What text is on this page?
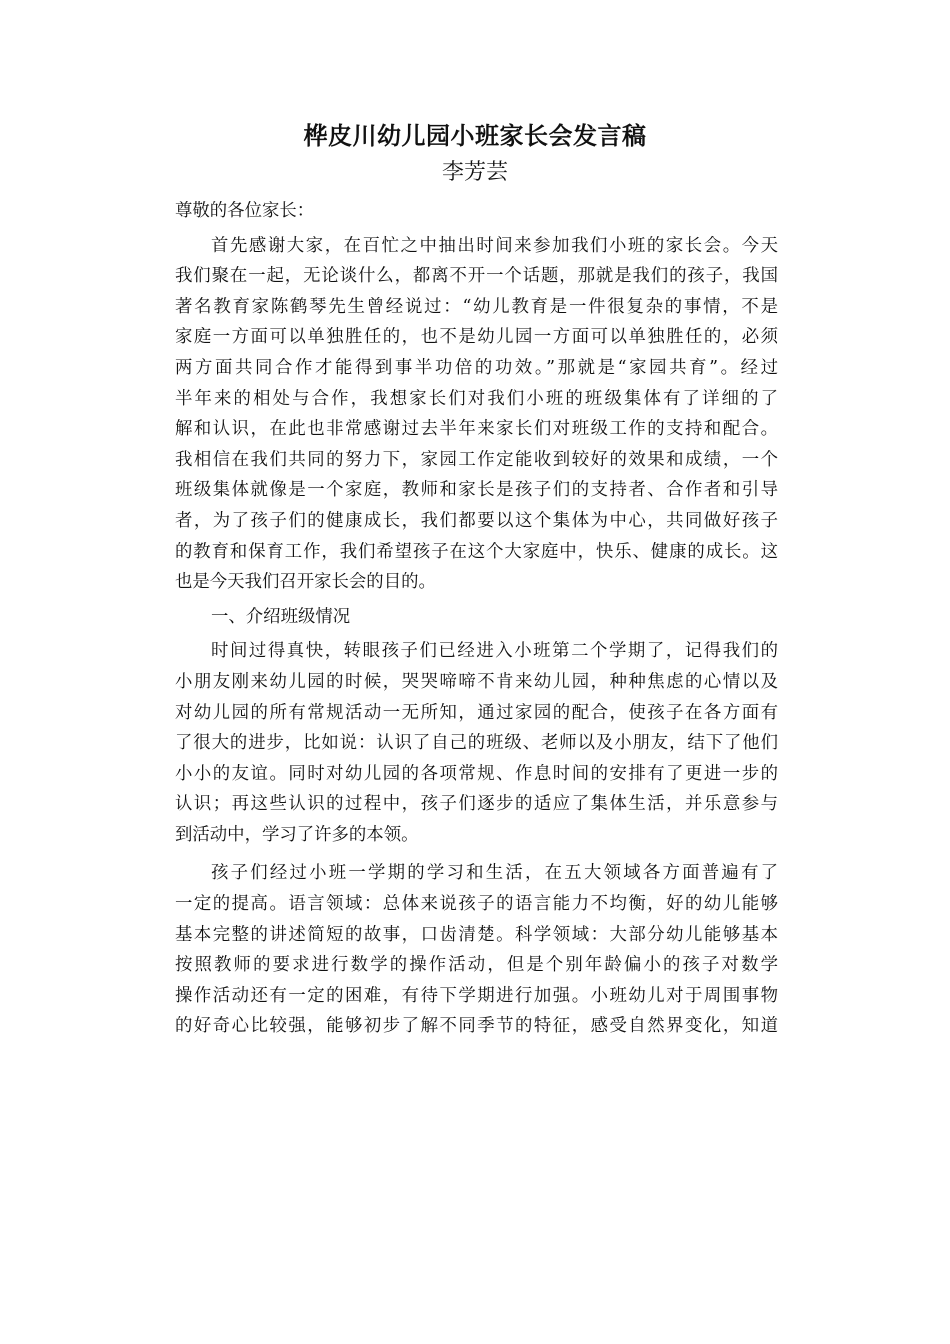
桦皮川幼儿园小班家长会发言稿
李芳芸
尊敬的各位家长：
首先感谢大家，在百忙之中抽出时间来参加我们小班的家长会。今天
我们聚在一起，无论谈什么，都离不开一个话题，那就是我们的孩子，我国
著名教育家陈鹤琴先生曾经说过：“幼儿教育是一件很复杂的事情，不是
家庭一方面可以单独胜任的，也不是幼儿园一方面可以单独胜任的，必须
两方面共同合作才能得到事半功倍的功效。”那就是“家园共育”。经过
半年来的相处与合作，我想家长们对我们小班的班级集体有了详细的了
解和认识，在此也非常感谢过去半年来家长们对班级工作的支持和配合。
我相信在我们共同的努力下，家园工作定能收到较好的效果和成绩，一个
班级集体就像是一个家庭，教师和家长是孩子们的支持者、合作者和引导
者，为了孩子们的健康成长，我们都要以这个集体为中心，共同做好孩子
的教育和保育工作，我们希望孩子在这个大家庭中，快乐、健康的成长。这
也是今天我们召开家长会的目的。
一、介绍班级情况
时间过得真快，转眼孩子们已经进入小班第二个学期了，记得我们的
小朋友刚来幼儿园的时候，哭哭啼啼不肯来幼儿园，种种焦虑的心情以及
对幼儿园的所有常规活动一无所知，通过家园的配合，使孩子在各方面有
了很大的进步，比如说：认识了自己的班级、老师以及小朋友，结下了他们
小小的友谊。同时对幼儿园的各项常规、作息时间的安排有了更进一步的
认识；再这些认识的过程中，孩子们逐步的适应了集体生活，并乐意参与
到活动中，学习了许多的本领。
孩子们经过小班一学期的学习和生活，在五大领域各方面普遍有了
一定的提高。语言领域：总体来说孩子的语言能力不均衡，好的幼儿能够
基本完整的讲述简短的故事，口齿清楚。科学领域：大部分幼儿能够基本
按照教师的要求进行数学的操作活动，但是个别年龄偏小的孩子对数学
操作活动还有一定的困难，有待下学期进行加强。小班幼儿对于周围事物
的好奇心比较强，能够初步了解不同季节的特征，感受自然界变化，知道
